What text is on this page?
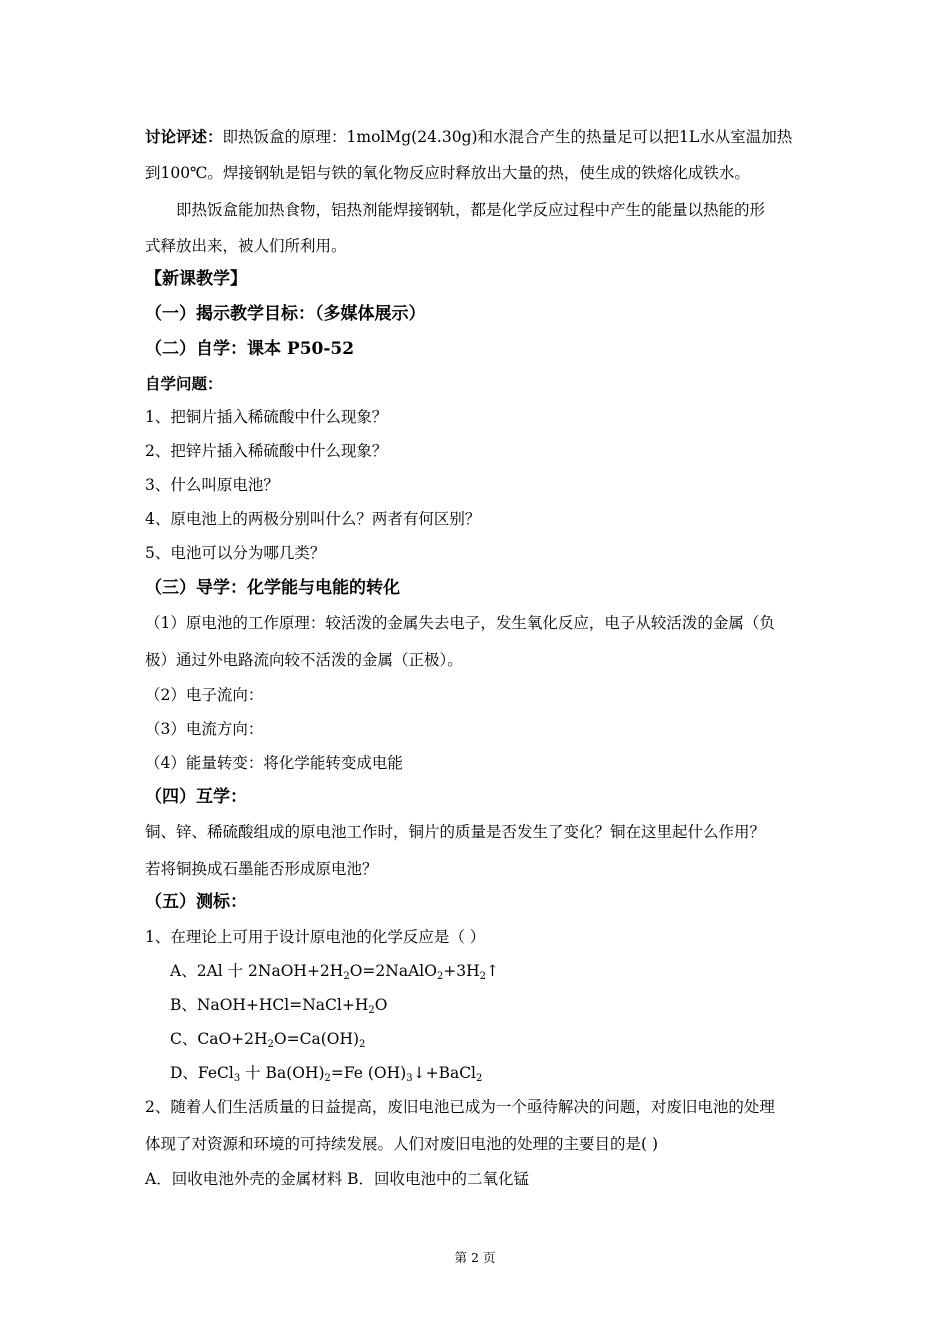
讨论评述：即热饭盒的原理：1molMg(24.30g)和水混合产生的热量足可以把1L水从室温加热
到100℃。焊接钢轨是铝与铁的氧化物反应时释放出大量的热，使生成的铁熔化成铁水。
即热饭盒能加热食物，铝热剂能焊接钢轨，都是化学反应过程中产生的能量以热能的形
式释放出来，被人们所利用。
【新课教学】
（一）揭示教学目标：（多媒体展示）
（二）自学：课本 P50-52
自学问题：
1、把铜片插入稀硫酸中什么现象？
2、把锌片插入稀硫酸中什么现象？
3、什么叫原电池？
4、原电池上的两极分别叫什么？两者有何区别？
5、电池可以分为哪几类？
（三）导学：化学能与电能的转化
（1）原电池的工作原理：较活泼的金属失去电子，发生氧化反应，电子从较活泼的金属（负
极）通过外电路流向较不活泼的金属（正极）。
（2）电子流向：
（3）电流方向：
（4）能量转变：将化学能转变成电能
（四）互学：
铜、锌、稀硫酸组成的原电池工作时，铜片的质量是否发生了变化？铜在这里起什么作用？
若将铜换成石墨能否形成原电池？
（五）测标：
1、在理论上可用于设计原电池的化学反应是（ ）
A、2Al 十 $2NaOH+2H_2O=2NaAlO_2+3H_2↑$
B、$NaOH+HCl=NaCl+H_2O$
C、$CaO+2H_2O=Ca(OH)_2$
D、FeCl$_3$ 十 $Ba(OH)_2=Fe$ $(OH)_3↓+BaCl_2$
2、随着人们生活质量的日益提高，废旧电池已成为一个亟待解决的问题，对废旧电池的处理
体现了对资源和环境的可持续发展。人们对废旧电池的处理的主要目的是( )
A．回收电池外壳的金属材料 B．回收电池中的二氧化锰
第 2 页
